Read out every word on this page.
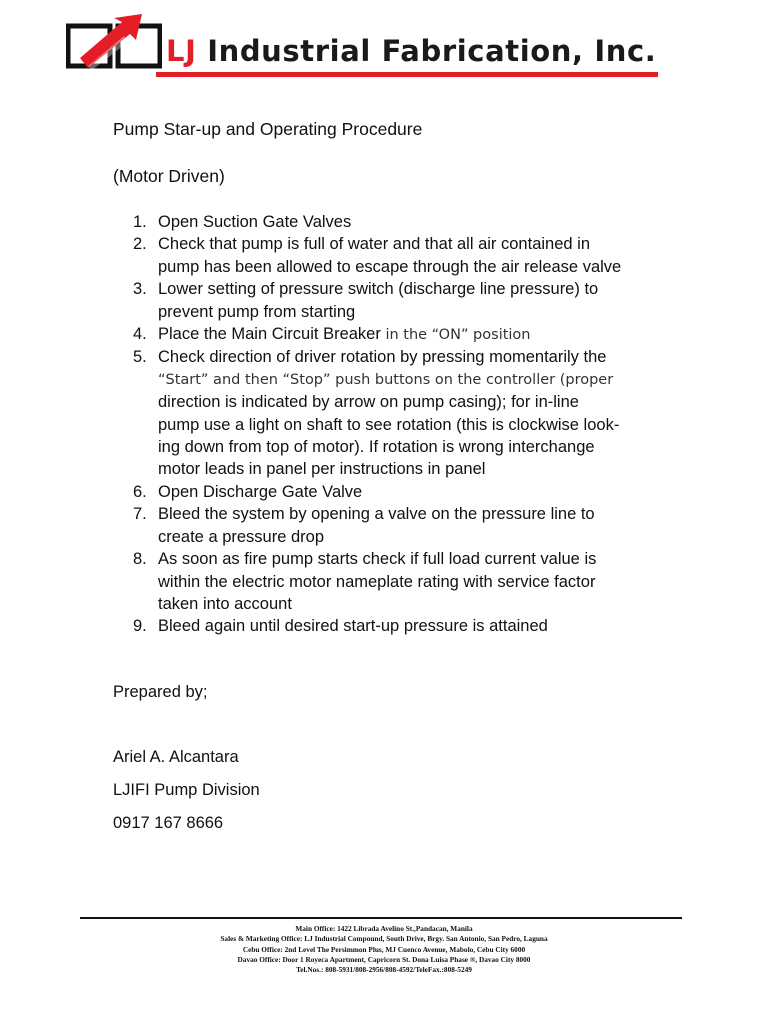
LJ Industrial Fabrication, Inc.
Pump Star-up and Operating Procedure
(Motor Driven)
1. Open Suction Gate Valves
2. Check that pump is full of water and that all air contained in
pump has been allowed to escape through the air release valve
3. Lower setting of pressure switch (discharge line pressure) to
prevent pump from starting
4. Place the Main Circuit Breaker in the “ON” position
5. Check direction of driver rotation by pressing momentarily the
“Start” and then “Stop” push buttons on the controller (proper
direction is indicated by arrow on pump casing); for in-line
pump use a light on shaft to see rotation (this is clockwise look-
ing down from top of motor). If rotation is wrong interchange
motor leads in panel per instructions in panel
6. Open Discharge Gate Valve
7. Bleed the system by opening a valve on the pressure line to
create a pressure drop
8. As soon as fire pump starts check if full load current value is
within the electric motor nameplate rating with service factor
taken into account
9. Bleed again until desired start-up pressure is attained
Prepared by;
Ariel A. Alcantara
LJIFI Pump Division
0917 167 8666
Main Office: 1422 Librada Avelino St.,Pandacan, Manila
Sales & Marketing Office: LJ Industrial Compound, South Drive, Brgy. San Antonio, San Pedro, Laguna
Cebu Office: 2nd Level The Persimmon Plus, MJ Cuenco Avenue, Mabolo, Cebu City 6000
Davao Office: Door 1 Royeca Apartment, Capricorn St. Dona Luisa Phase ®, Davao City 8000
Tel.Nos.: 808-5931/808-2956/808-4592/TeleFax.:808-5249
